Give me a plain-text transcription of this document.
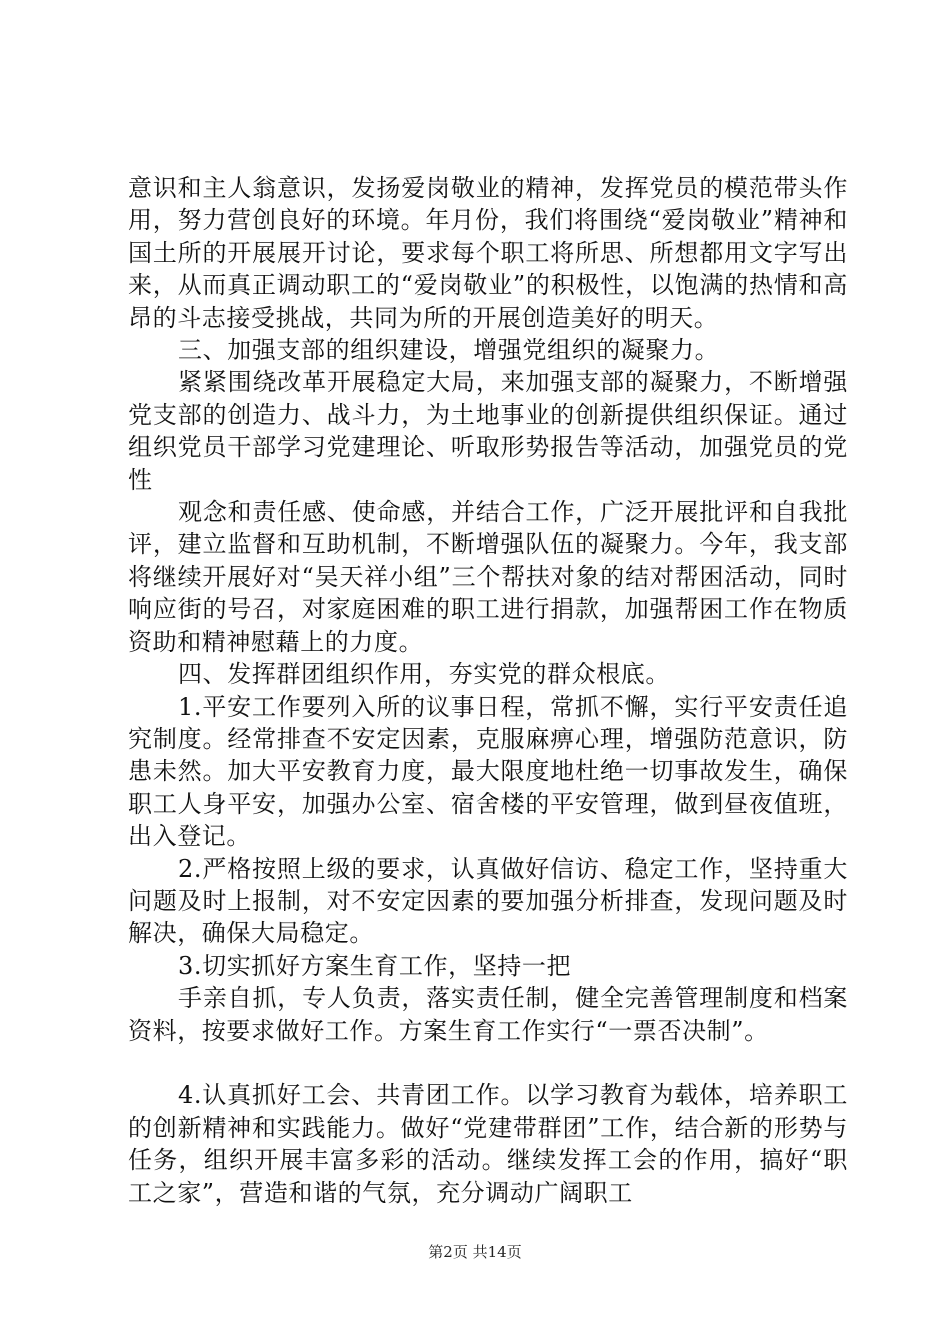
意识和主人翁意识，发扬爱岗敬业的精神，发挥党员的模范带头作用，努力营创良好的环境。年月份，我们将围绕“爱岗敬业”精神和国土所的开展展开讨论，要求每个职工将所思、所想都用文字写出来，从而真正调动职工的“爱岗敬业”的积极性，以饱满的热情和高昂的斗志接受挑战，共同为所的开展创造美好的明天。

三、加强支部的组织建设，增强党组织的凝聚力。

紧紧围绕改革开展稳定大局，来加强支部的凝聚力，不断增强党支部的创造力、战斗力，为土地事业的创新提供组织保证。通过组织党员干部学习党建理论、听取形势报告等活动，加强党员的党性

观念和责任感、使命感，并结合工作，广泛开展批评和自我批评，建立监督和互助机制，不断增强队伍的凝聚力。今年，我支部将继续开展好对“吴天祥小组”三个帮扶对象的结对帮困活动，同时响应街的号召，对家庭困难的职工进行捐款，加强帮困工作在物质资助和精神慰藉上的力度。

四、发挥群团组织作用，夯实党的群众根底。

1.平安工作要列入所的议事日程，常抓不懈，实行平安责任追究制度。经常排查不安定因素，克服麻痹心理，增强防范意识，防患未然。加大平安教育力度，最大限度地杜绝一切事故发生，确保职工人身平安，加强办公室、宿舍楼的平安管理，做到昼夜值班，出入登记。

2.严格按照上级的要求，认真做好信访、稳定工作，坚持重大问题及时上报制，对不安定因素的要加强分析排查，发现问题及时解决，确保大局稳定。

3.切实抓好方案生育工作，坚持一把

手亲自抓，专人负责，落实责任制，健全完善管理制度和档案资料，按要求做好工作。方案生育工作实行“一票否决制”。

4.认真抓好工会、共青团工作。以学习教育为载体，培养职工的创新精神和实践能力。做好“党建带群团”工作，结合新的形势与任务，组织开展丰富多彩的活动。继续发挥工会的作用，搞好“职工之家”，营造和谐的气氛，充分调动广阔职工

第2页 共14页
